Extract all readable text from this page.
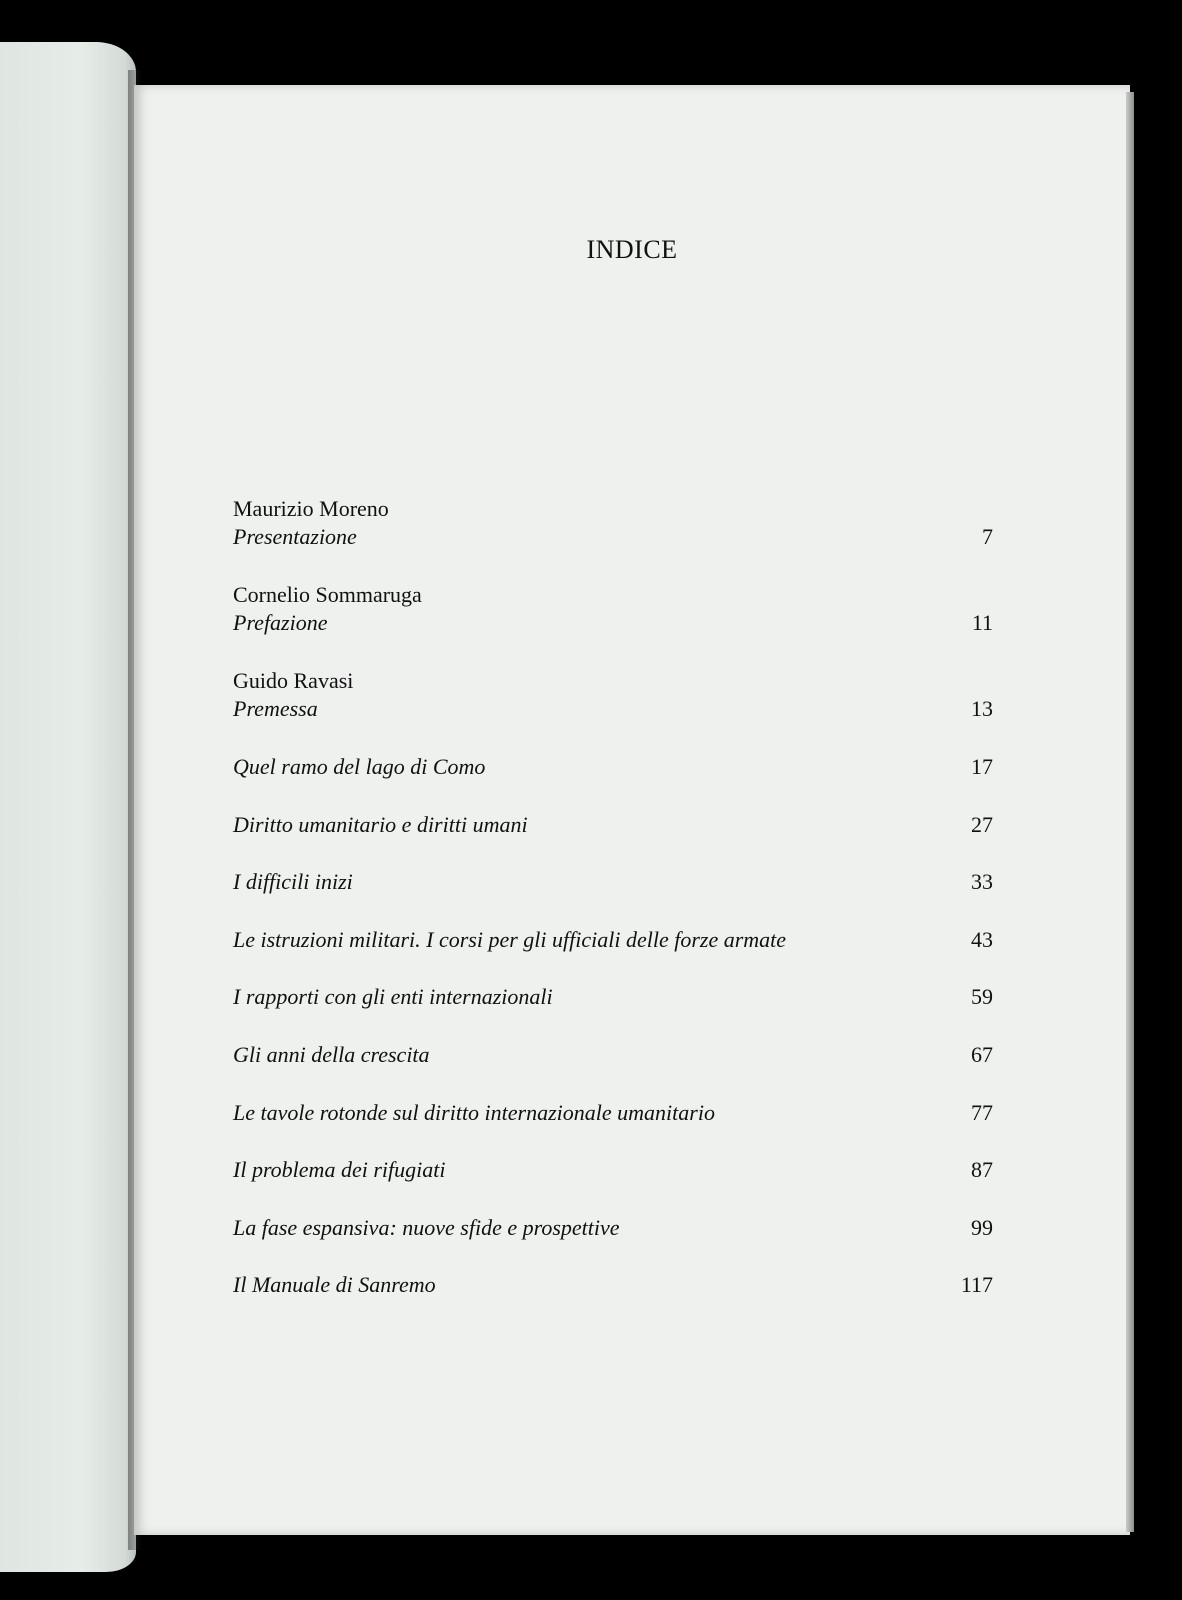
INDICE
Maurizio Moreno
Presentazione	7
Cornelio Sommaruga
Prefazione	11
Guido Ravasi
Premessa	13
Quel ramo del lago di Como	17
Diritto umanitario e diritti umani	27
I difficili inizi	33
Le istruzioni militari. I corsi per gli ufficiali delle forze armate	43
I rapporti con gli enti internazionali	59
Gli anni della crescita	67
Le tavole rotonde sul diritto internazionale umanitario	77
Il problema dei rifugiati	87
La fase espansiva: nuove sfide e prospettive	99
Il Manuale di Sanremo	117
